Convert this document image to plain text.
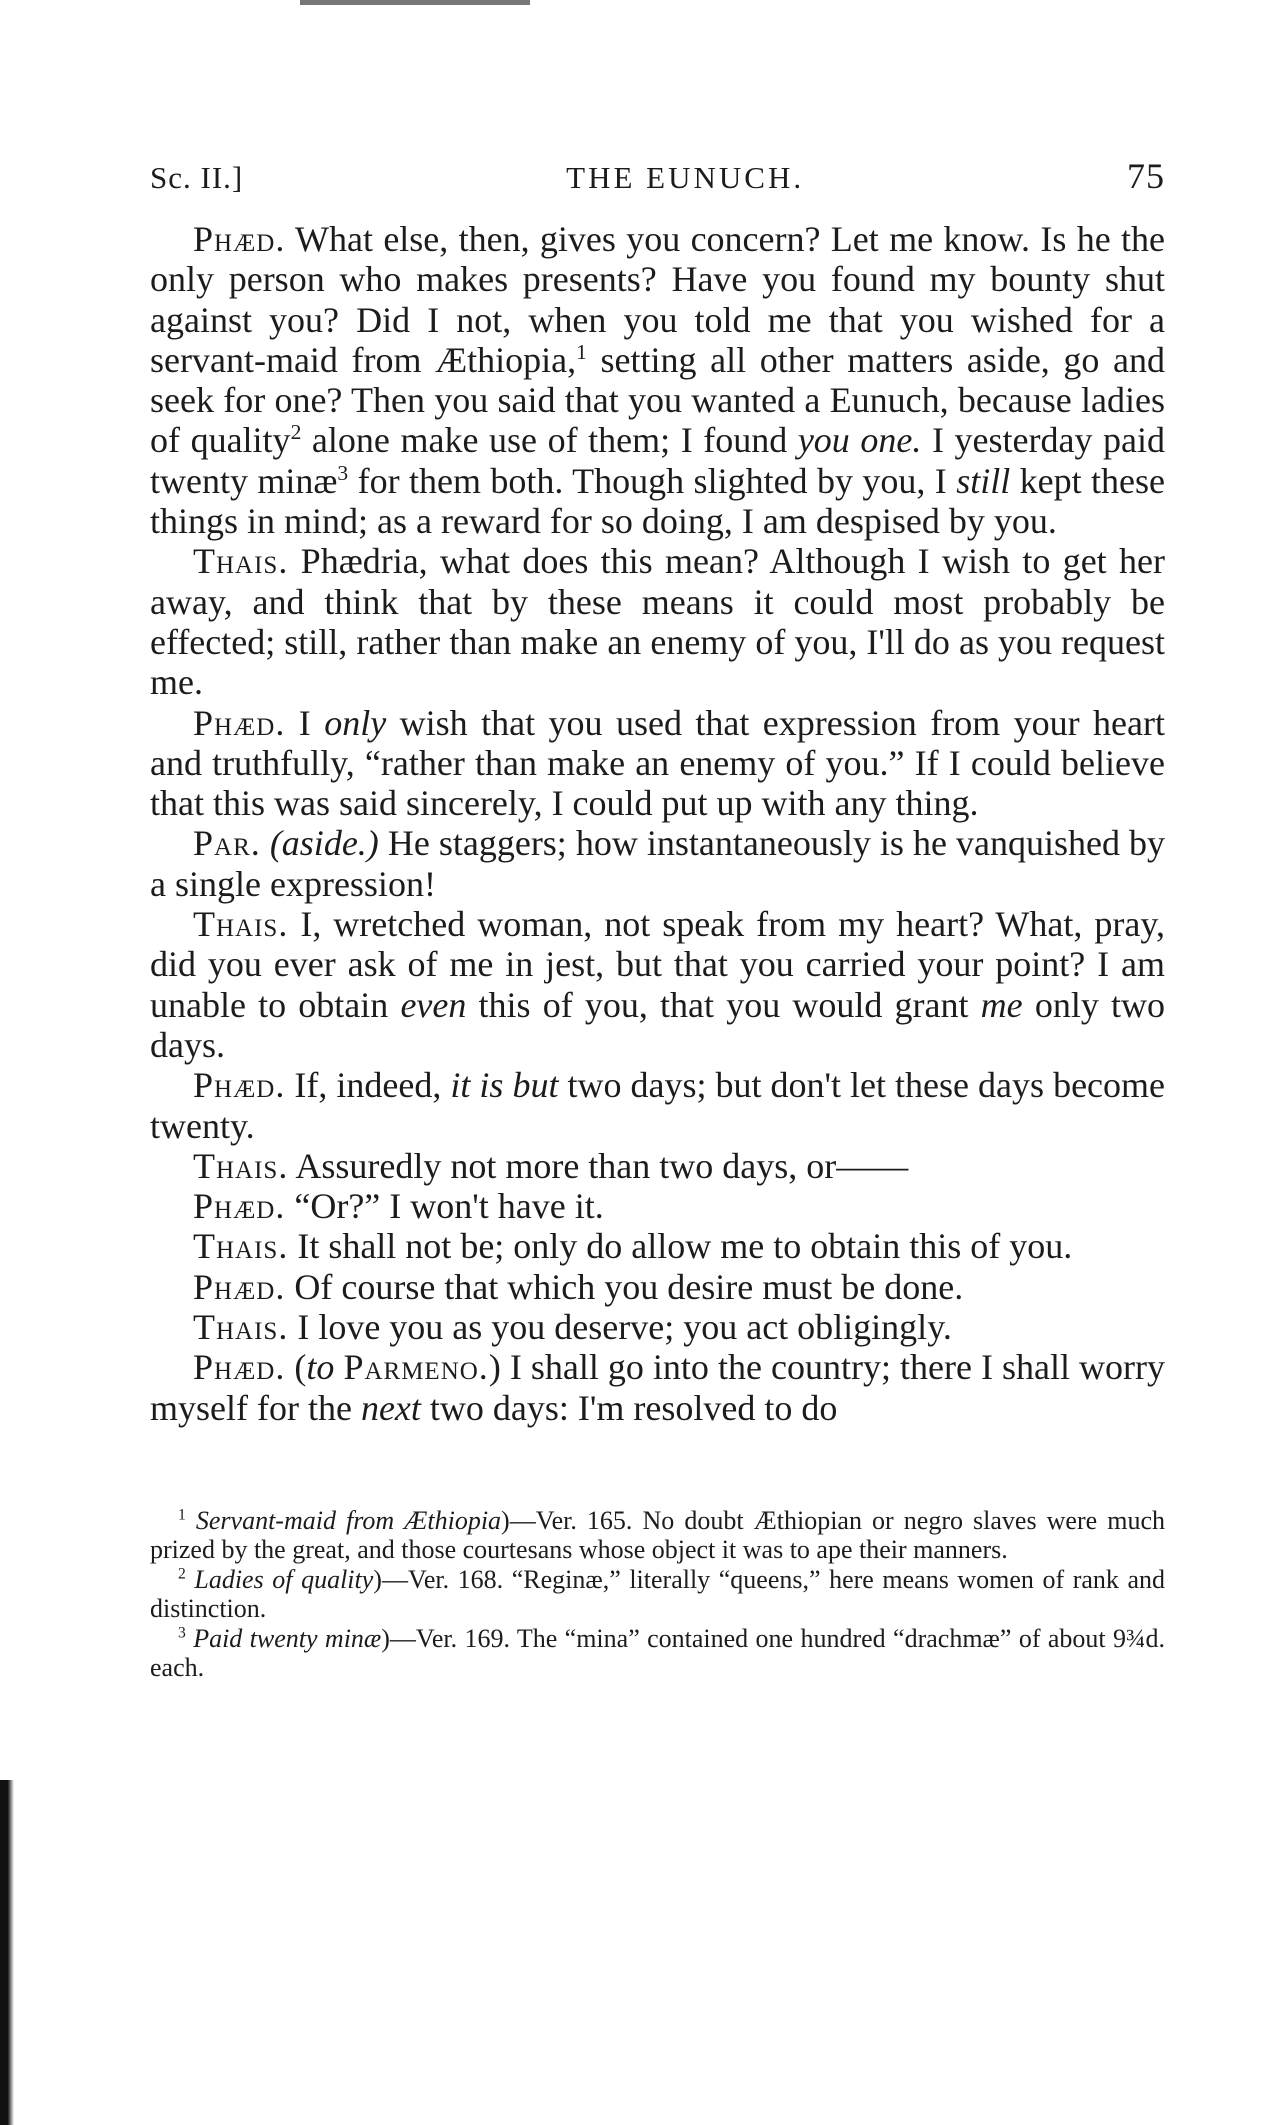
Sc. II.]	THE EUNUCH.	75

Phæd. What else, then, gives you concern? Let me know. Is he the only person who makes presents? Have you found my bounty shut against you? Did I not, when you told me that you wished for a servant-maid from Æthiopia,$^1$ setting all other matters aside, go and seek for one? Then you said that you wanted a Eunuch, because ladies of quality$^2$ alone make use of them; I found you one. I yesterday paid twenty minæ$^3$ for them both. Though slighted by you, I still kept these things in mind; as a reward for so doing, I am despised by you.

Thais. Phædria, what does this mean? Although I wish to get her away, and think that by these means it could most probably be effected; still, rather than make an enemy of you, I'll do as you request me.

Phæd. I only wish that you used that expression from your heart and truthfully, “rather than make an enemy of you.” If I could believe that this was said sincerely, I could put up with any thing.

Par. (aside.) He staggers; how instantaneously is he vanquished by a single expression!

Thais. I, wretched woman, not speak from my heart? What, pray, did you ever ask of me in jest, but that you carried your point? I am unable to obtain even this of you, that you would grant me only two days.

Phæd. If, indeed, it is but two days; but don't let these days become twenty.

Thais. Assuredly not more than two days, or——

Phæd. “Or?” I won't have it.

Thais. It shall not be; only do allow me to obtain this of you.

Phæd. Of course that which you desire must be done.

Thais. I love you as you deserve; you act obligingly.

Phæd. (to Parmeno.) I shall go into the country; there I shall worry myself for the next two days: I'm resolved to do

$^1$ Servant-maid from Æthiopia)—Ver. 165. No doubt Æthiopian or negro slaves were much prized by the great, and those courtesans whose object it was to ape their manners.

$^2$ Ladies of quality)—Ver. 168. “Reginæ,” literally “queens,” here means women of rank and distinction.

$^3$ Paid twenty minæ)—Ver. 169. The “mina” contained one hundred “drachmæ” of about 9¾d. each.
